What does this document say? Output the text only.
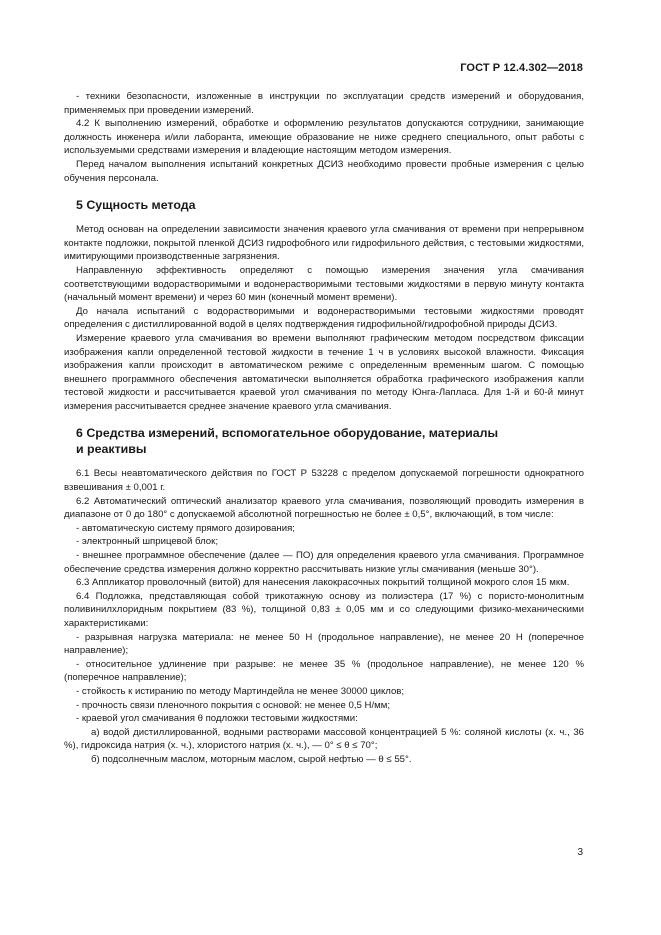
ГОСТ Р 12.4.302—2018

- техники безопасности, изложенные в инструкции по эксплуатации средств измерений и оборудования, применяемых при проведении измерений.

4.2 К выполнению измерений, обработке и оформлению результатов допускаются сотрудники, занимающие должность инженера и/или лаборанта, имеющие образование не ниже среднего специального, опыт работы с используемыми средствами измерения и владеющие настоящим методом измерения.

Перед началом выполнения испытаний конкретных ДСИЗ необходимо провести пробные измерения с целью обучения персонала.

5 Сущность метода

Метод основан на определении зависимости значения краевого угла смачивания от времени при непрерывном контакте подложки, покрытой пленкой ДСИЗ гидрофобного или гидрофильного действия, с тестовыми жидкостями, имитирующими производственные загрязнения.

Направленную эффективность определяют с помощью измерения значения угла смачивания соответствующими водорастворимыми и водонерастворимыми тестовыми жидкостями в первую минуту контакта (начальный момент времени) и через 60 мин (конечный момент времени).

До начала испытаний с водорастворимыми и водонерастворимыми тестовыми жидкостями проводят определения с дистиллированной водой в целях подтверждения гидрофильной/гидрофобной природы ДСИЗ.

Измерение краевого угла смачивания во времени выполняют графическим методом посредством фиксации изображения капли определенной тестовой жидкости в течение 1 ч в условиях высокой влажности. Фиксация изображения капли происходит в автоматическом режиме с определенным временным шагом. С помощью внешнего программного обеспечения автоматически выполняется обработка графического изображения капли тестовой жидкости и рассчитывается краевой угол смачивания по методу Юнга-Лапласа. Для 1-й и 60-й минут измерения рассчитывается среднее значение краевого угла смачивания.

6 Средства измерений, вспомогательное оборудование, материалы
и реактивы

6.1 Весы неавтоматического действия по ГОСТ Р 53228 с пределом допускаемой погрешности однократного взвешивания ± 0,001 г.

6.2 Автоматический оптический анализатор краевого угла смачивания, позволяющий проводить измерения в диапазоне от 0 до 180° с допускаемой абсолютной погрешностью не более ± 0,5°, включающий, в том числе:

- автоматическую систему прямого дозирования;

- электронный шприцевой блок;

- внешнее программное обеспечение (далее — ПО) для определения краевого угла смачивания. Программное обеспечение средства измерения должно корректно рассчитывать низкие углы смачивания (меньше 30°).

6.3 Аппликатор проволочный (витой) для нанесения лакокрасочных покрытий толщиной мокрого слоя 15 мкм.

6.4 Подложка, представляющая собой трикотажную основу из полиэстера (17 %) с пористо-монолитным поливинилхлоридным покрытием (83 %), толщиной 0,83 ± 0,05 мм и со следующими физико-механическими характеристиками:

- разрывная нагрузка материала: не менее 50 Н (продольное направление), не менее 20 Н (поперечное направление);

- относительное удлинение при разрыве: не менее 35 % (продольное направление), не менее 120 % (поперечное направление);

- стойкость к истиранию по методу Мартиндейла не менее 30000 циклов;

- прочность связи пленочного покрытия с основой: не менее 0,5 Н/мм;

- краевой угол смачивания θ подложки тестовыми жидкостями:

а) водой дистиллированной, водными растворами массовой концентрацией 5 %: соляной кислоты (х. ч., 36 %), гидроксида натрия (х. ч.), хлористого натрия (х. ч.), — 0° ≤ θ ≤ 70°;

б) подсолнечным маслом, моторным маслом, сырой нефтью — θ ≤ 55°.

3
